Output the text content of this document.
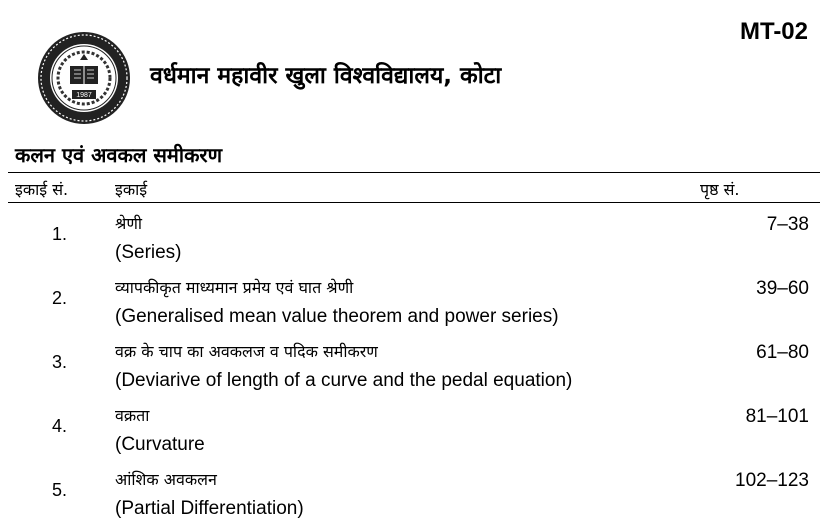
MT-02
1987
वर्धमान महावीर खुला विश्वविद्यालय, कोटा
कलन एवं अवकल समीकरण
इकाई सं.	इकाई	पृष्ठ सं.
1.
श्रेणी
(Series)
7–38
2.
व्यापकीकृत माध्यमान प्रमेय एवं घात श्रेणी
(Generalised mean value theorem and power series)
39–60
3.
वक्र के चाप का अवकलज व पदिक समीकरण
(Deviarive of length of a curve and the pedal equation)
61–80
4.
वक्रता
(Curvature
81–101
5.
आंशिक अवकलन
(Partial Differentiation)
102–123
